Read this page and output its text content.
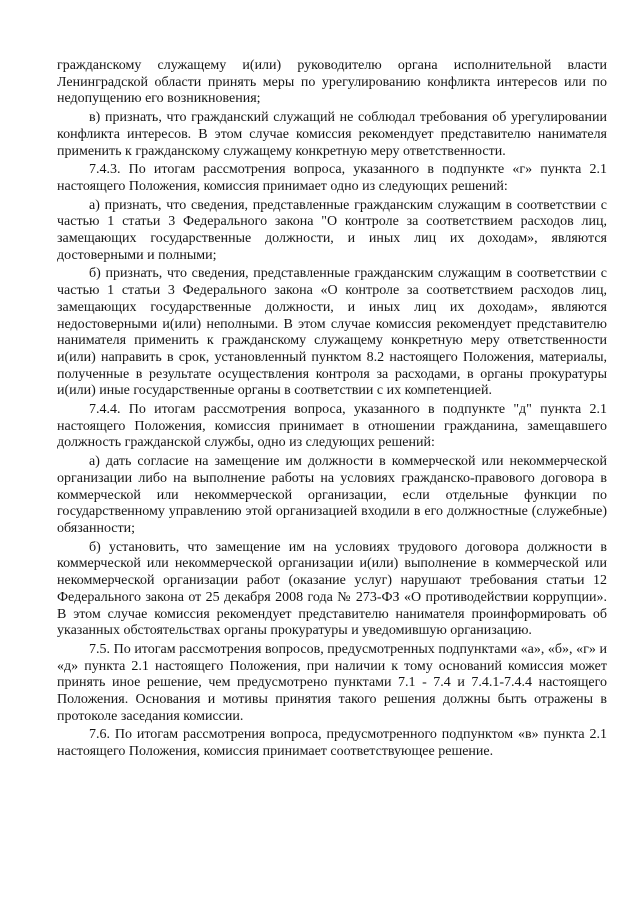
гражданскому служащему и(или) руководителю органа исполнительной власти Ленинградской области принять меры по урегулированию конфликта интересов или по недопущению его возникновения;

в) признать, что гражданский служащий не соблюдал требования об урегулировании конфликта интересов. В этом случае комиссия рекомендует представителю нанимателя применить к гражданскому служащему конкретную меру ответственности.

7.4.3. По итогам рассмотрения вопроса, указанного в подпункте «г» пункта 2.1 настоящего Положения, комиссия принимает одно из следующих решений:

а) признать, что сведения, представленные гражданским служащим в соответствии с частью 1 статьи 3 Федерального закона "О контроле за соответствием расходов лиц, замещающих государственные должности, и иных лиц их доходам», являются достоверными и полными;

б) признать, что сведения, представленные гражданским служащим в соответствии с частью 1 статьи 3 Федерального закона «О контроле за соответствием расходов лиц, замещающих государственные должности, и иных лиц их доходам», являются недостоверными и(или) неполными. В этом случае комиссия рекомендует представителю нанимателя применить к гражданскому служащему конкретную меру ответственности и(или) направить в срок, установленный пунктом 8.2 настоящего Положения, материалы, полученные в результате осуществления контроля за расходами, в органы прокуратуры и(или) иные государственные органы в соответствии с их компетенцией.

7.4.4. По итогам рассмотрения вопроса, указанного в подпункте "д" пункта 2.1 настоящего Положения, комиссия принимает в отношении гражданина, замещавшего должность гражданской службы, одно из следующих решений:

а) дать согласие на замещение им должности в коммерческой или некоммерческой организации либо на выполнение работы на условиях гражданско-правового договора в коммерческой или некоммерческой организации, если отдельные функции по государственному управлению этой организацией входили в его должностные (служебные) обязанности;

б) установить, что замещение им на условиях трудового договора должности в коммерческой или некоммерческой организации и(или) выполнение в коммерческой или некоммерческой организации работ (оказание услуг) нарушают требования статьи 12 Федерального закона от 25 декабря 2008 года № 273-ФЗ «О противодействии коррупции». В этом случае комиссия рекомендует представителю нанимателя проинформировать об указанных обстоятельствах органы прокуратуры и уведомившую организацию.

7.5. По итогам рассмотрения вопросов, предусмотренных подпунктами «а», «б», «г» и «д» пункта 2.1 настоящего Положения, при наличии к тому оснований комиссия может принять иное решение, чем предусмотрено пунктами 7.1 - 7.4 и 7.4.1-7.4.4 настоящего Положения. Основания и мотивы принятия такого решения должны быть отражены в протоколе заседания комиссии.

7.6. По итогам рассмотрения вопроса, предусмотренного подпунктом «в» пункта 2.1 настоящего Положения, комиссия принимает соответствующее решение.
